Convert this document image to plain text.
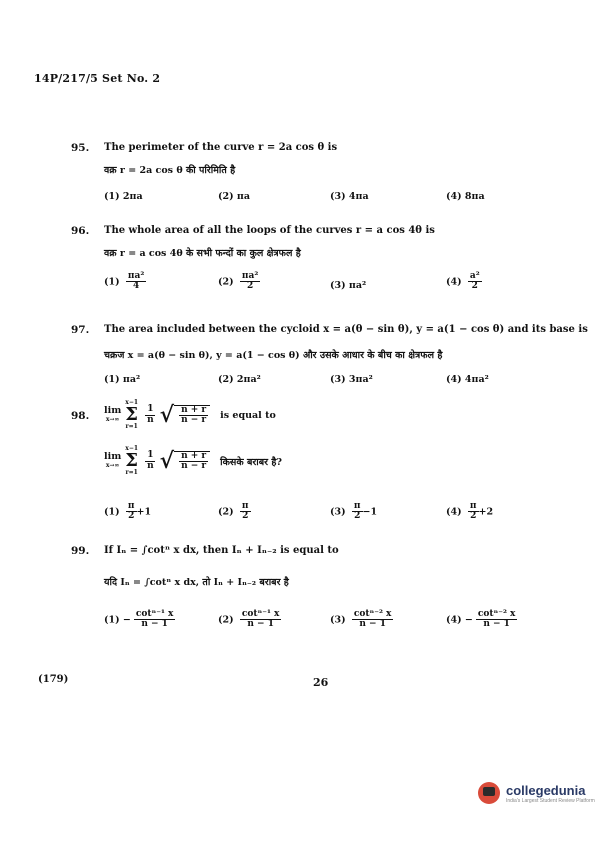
14P/217/5 Set No. 2
95. The perimeter of the curve r = 2a cos θ is
वक्र r = 2a cos θ की परिमिति है
(1) 2πa	(2) πa	(3) 4πa	(4) 8πa
96. The whole area of all the loops of the curves r = a cos 4θ is
वक्र r = a cos 4θ के सभी फन्दों का कुल क्षेत्रफल है
$(1) \frac{\text{πa²}}{4}$	$(2) \frac{\text{πa²}}{2}$	(3) πa²	$(4) \frac{\text{a²}}{2}$
97. The area included between the cycloid x = a(θ − sin θ), y = a(1 − cos θ) and its base is
चक्रज x = a(θ − sin θ), y = a(1 − cos θ) और उसके आधार के बीच का क्षेत्रफल है
(1) πa²	(2) 2πa²	(3) 3πa²	(4) 4πa²
98. lim
x→∞
x−1
Σ
r=1
$\frac{1}{n}$ √ $\frac{n + r}{n - r}$ is equal to
lim
x→∞
x−1
Σ
r=1
$\frac{1}{n}$ √ $\frac{n + r}{n - r}$ किसके बराबर है?
$(1) \frac{\pi}{2} +1$	$(2) \frac{\pi}{2}$	$(3) \frac{\pi}{2} -1$	$(4) \frac{\pi}{2} +2$
99. If Iₙ = ∫cotⁿ x dx, then Iₙ + Iₙ₋₂ is equal to
यदि Iₙ = ∫cotⁿ x dx, तो Iₙ + Iₙ₋₂ बराबर है
$(1) - \frac{\text{cotⁿ⁻¹ x}}{n - 1}$	$(2) \frac{\text{cotⁿ⁻¹ x}}{n - 1}$	$(3) \frac{\text{cotⁿ⁻² x}}{n - 1}$	$(4) - \frac{\text{cotⁿ⁻² x}}{n - 1}$
(179)	26
collegedunia
India's Largest Student Review Platform
